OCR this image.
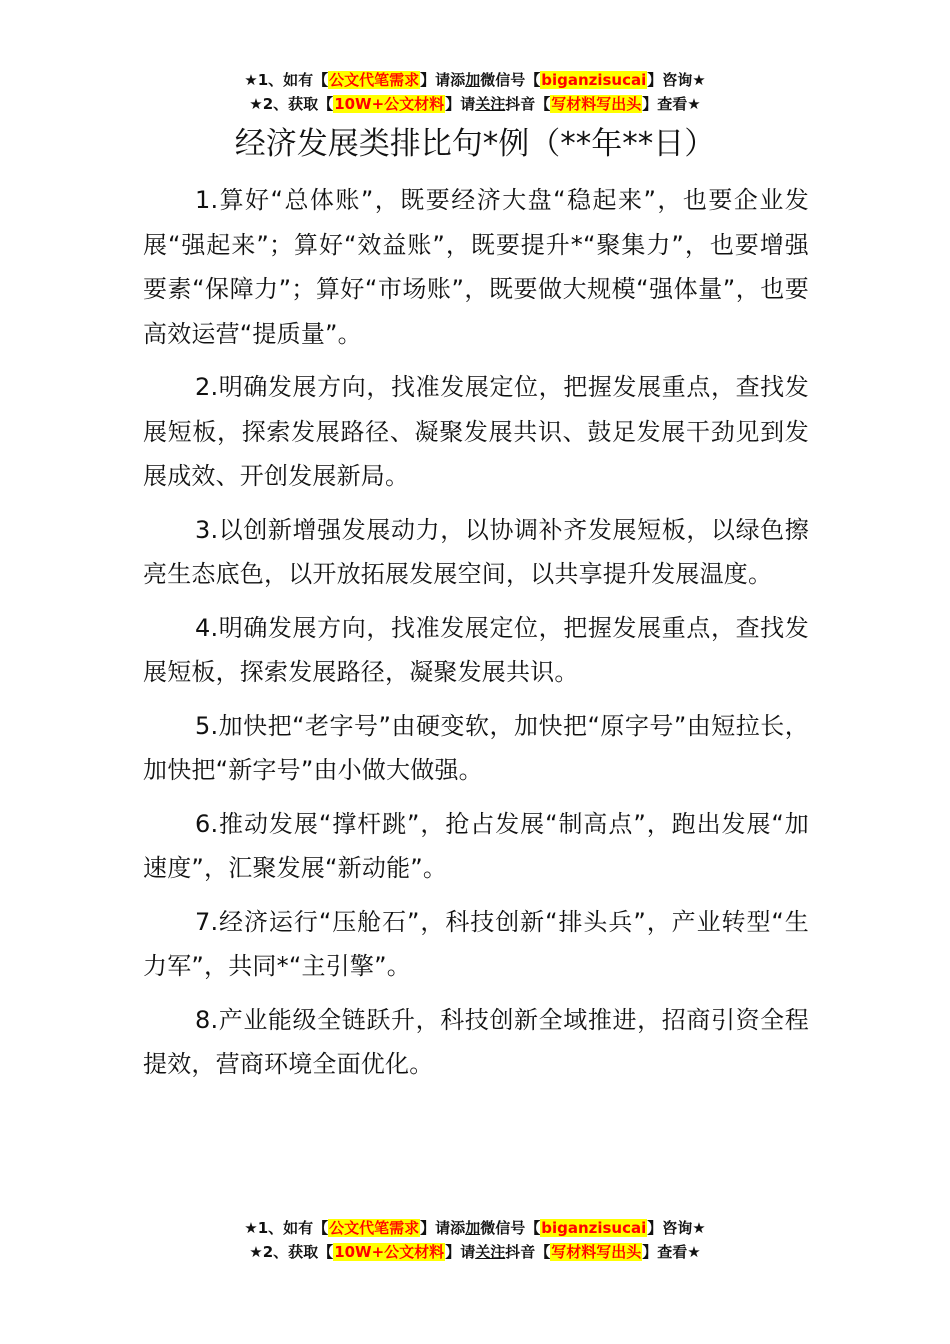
★1、如有【公文代笔需求】请添加微信号【biganzisucai】咨询★
★2、获取【10W+公文材料】请关注抖音【写材料写出头】查看★
经济发展类排比句*例（**年**日）

1.算好“总体账”，既要经济大盘“稳起来”，也要企业发展“强起来”；算好“效益账”，既要提升*“聚集力”，也要增强要素“保障力”；算好“市场账”，既要做大规模“强体量”，也要高效运营“提质量”。

2.明确发展方向，找准发展定位，把握发展重点，查找发展短板，探索发展路径、凝聚发展共识、鼓足发展干劲见到发展成效、开创发展新局。

3.以创新增强发展动力，以协调补齐发展短板，以绿色擦亮生态底色，以开放拓展发展空间，以共享提升发展温度。

4.明确发展方向，找准发展定位，把握发展重点，查找发展短板，探索发展路径，凝聚发展共识。

5.加快把“老字号”由硬变软，加快把“原字号”由短拉长，加快把“新字号”由小做大做强。

6.推动发展“撑杆跳”，抢占发展“制高点”，跑出发展“加速度”，汇聚发展“新动能”。

7.经济运行“压舱石”，科技创新“排头兵”，产业转型“生力军”，共同*“主引擎”。

8.产业能级全链跃升，科技创新全域推进，招商引资全程提效，营商环境全面优化。

★1、如有【公文代笔需求】请添加微信号【biganzisucai】咨询★
★2、获取【10W+公文材料】请关注抖音【写材料写出头】查看★
